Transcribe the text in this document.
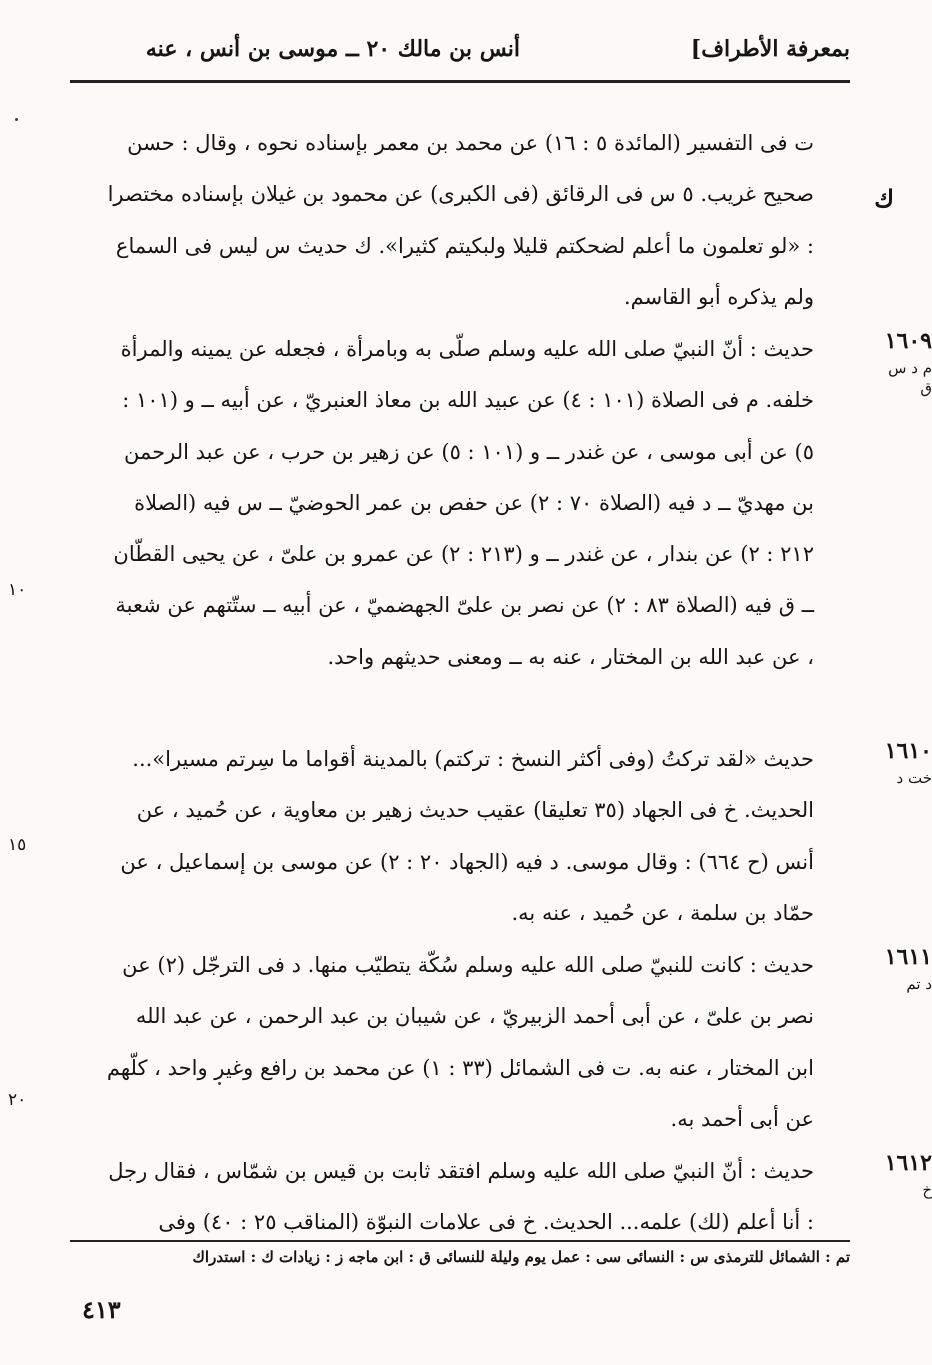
بمعرفة الأطراف]
أنس بن مالك ٢٠ ــ موسى بن أنس ، عنه
ك
ت فى التفسير (المائدة ٥ : ١٦) عن محمد بن معمر بإسناده نحوه ، وقال : حسن صحيح غريب. ٥ س فى الرقائق (فى الكبرى) عن محمود بن غيلان بإسناده مختصرا : «لو تعلمون ما أعلم لضحكتم قليلا ولبكيتم كثيرا». ك حديث س ليس فى السماع ولم يذكره أبو القاسم.
١٦٠٩
م د س ق
حديث : أنّ النبيّ صلى الله عليه وسلم صلّى به وبامرأة ، فجعله عن يمينه والمرأة خلفه. م فى الصلاة (١٠١ : ٤) عن عبيد الله بن معاذ العنبريّ ، عن أبيه ــ و (١٠١ : ٥) عن أبى موسى ، عن غندر ــ و (١٠١ : ٥) عن زهير بن حرب ، عن عبد الرحمن بن مهديّ ــ د فيه (الصلاة ٧٠ : ٢) عن حفص بن عمر الحوضيّ ــ س فيه (الصلاة ٢١٢ : ٢) عن بندار ، عن غندر ــ و (٢١٣ : ٢) عن عمرو بن علىّ ، عن يحيى القطّان ــ ق فيه (الصلاة ٨٣ : ٢) عن نصر بن علىّ الجهضميّ ، عن أبيه ــ ستّتهم عن شعبة ، عن عبد الله بن المختار ، عنه به ــ ومعنى حديثهم واحد.
١٦١٠
خت د
حديث «لقد تركتُ (وفى أكثر النسخ : تركتم) بالمدينة أقواما ما سِرتم مسيرا»... الحديث. خ فى الجهاد (٣٥ تعليقا) عقيب حديث زهير بن معاوية ، عن حُميد ، عن أنس (ح ٦٦٤) : وقال موسى. د فيه (الجهاد ٢٠ : ٢) عن موسى بن إسماعيل ، عن حمّاد بن سلمة ، عن حُميد ، عنه به.
١٦١١
د تم
حديث : كانت للنبيّ صلى الله عليه وسلم سُكّة يتطيّب منها. د فى الترجّل (٢) عن نصر بن علىّ ، عن أبى أحمد الزبيريّ ، عن شيبان بن عبد الرحمن ، عن عبد الله ابن المختار ، عنه به. ت فى الشمائل (٣٣ : ١) عن محمد بن رافع وغير واحد ، كلّهم عن أبى أحمد به.
١٦١٢
خ
حديث : أنّ النبيّ صلى الله عليه وسلم افتقد ثابت بن قيس بن شمّاس ، فقال رجل : أنا أعلم (لك) علمه... الحديث. خ فى علامات النبوّة (المناقب ٢٥ : ٤٠) وفى
١٠
١٥
٢٠
تم : الشمائل للترمذى س : النسائى سى : عمل يوم وليلة للنسائى ق : ابن ماجه ز : زيادات ك : استدراك
٤١٣
